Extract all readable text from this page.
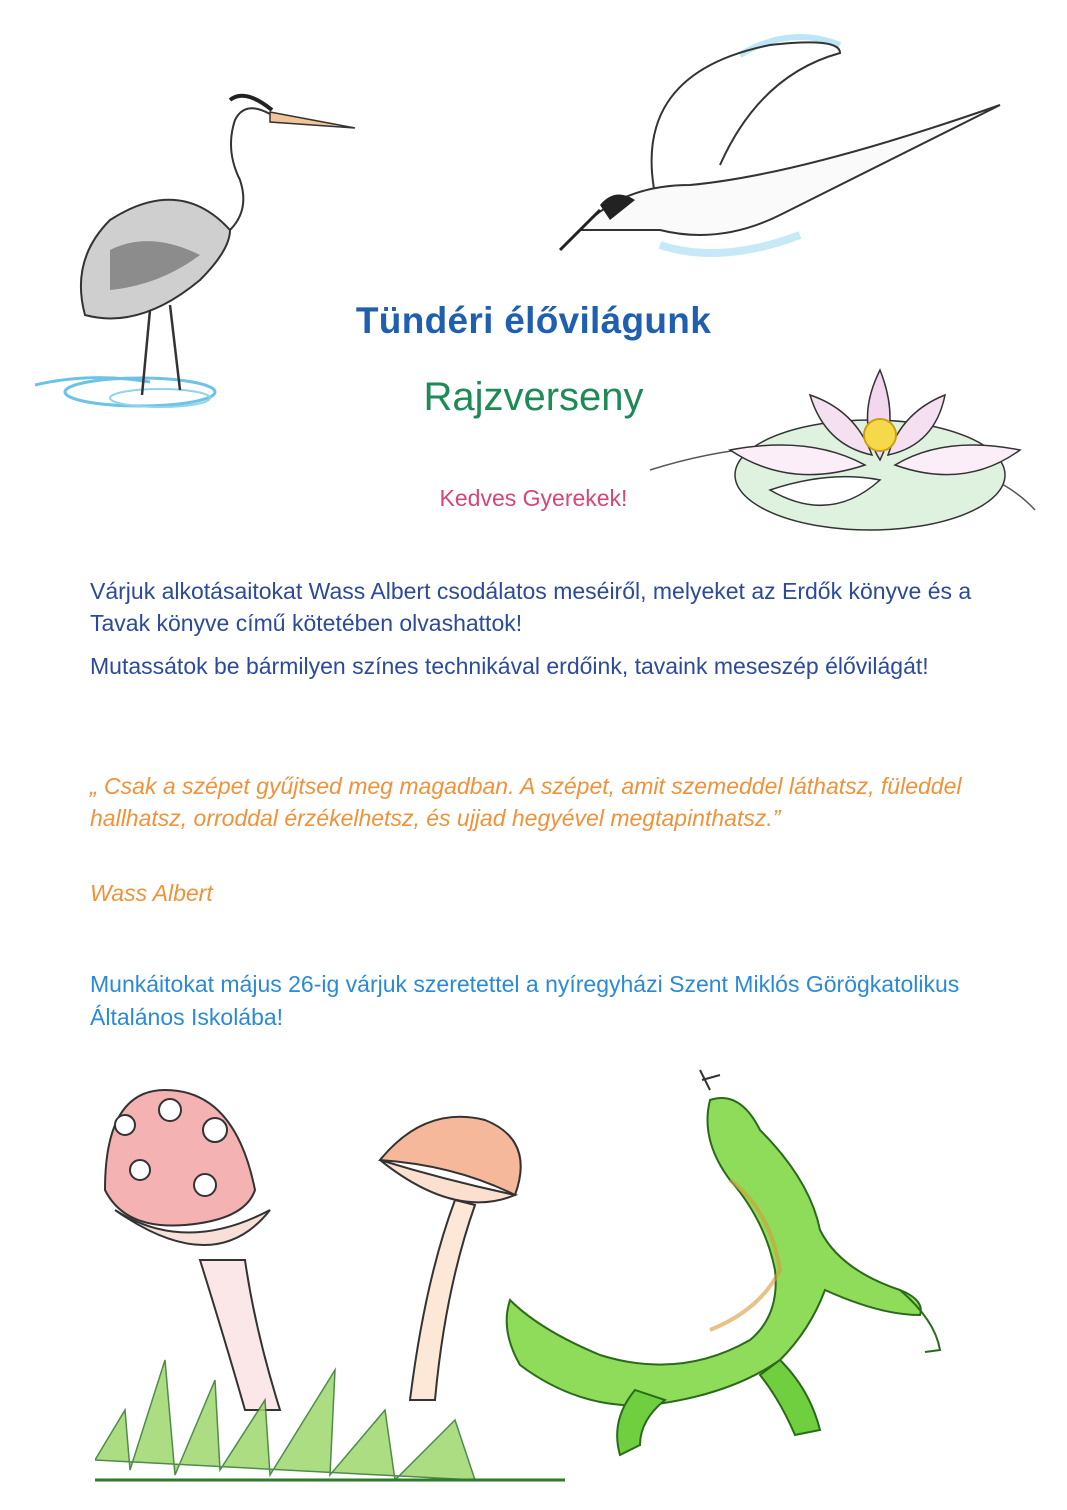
Tündéri élővilágunk
Rajzverseny
Kedves Gyerekek!
Várjuk alkotásaitokat Wass Albert csodálatos meséiről, melyeket az Erdők könyve és a Tavak könyve című kötetében olvashattok!
Mutassátok be bármilyen színes technikával erdőink, tavaink meseszép élővilágát!
„ Csak a szépet gyűjtsed meg magadban. A szépet, amit szemeddel láthatsz, füleddel hallhatsz, orroddal érzékelhetsz, és ujjad hegyével megtapinthatsz.”
Wass Albert
Munkáitokat május 26-ig várjuk szeretettel a nyíregyházi Szent Miklós Görögkatolikus Általános Iskolába!
